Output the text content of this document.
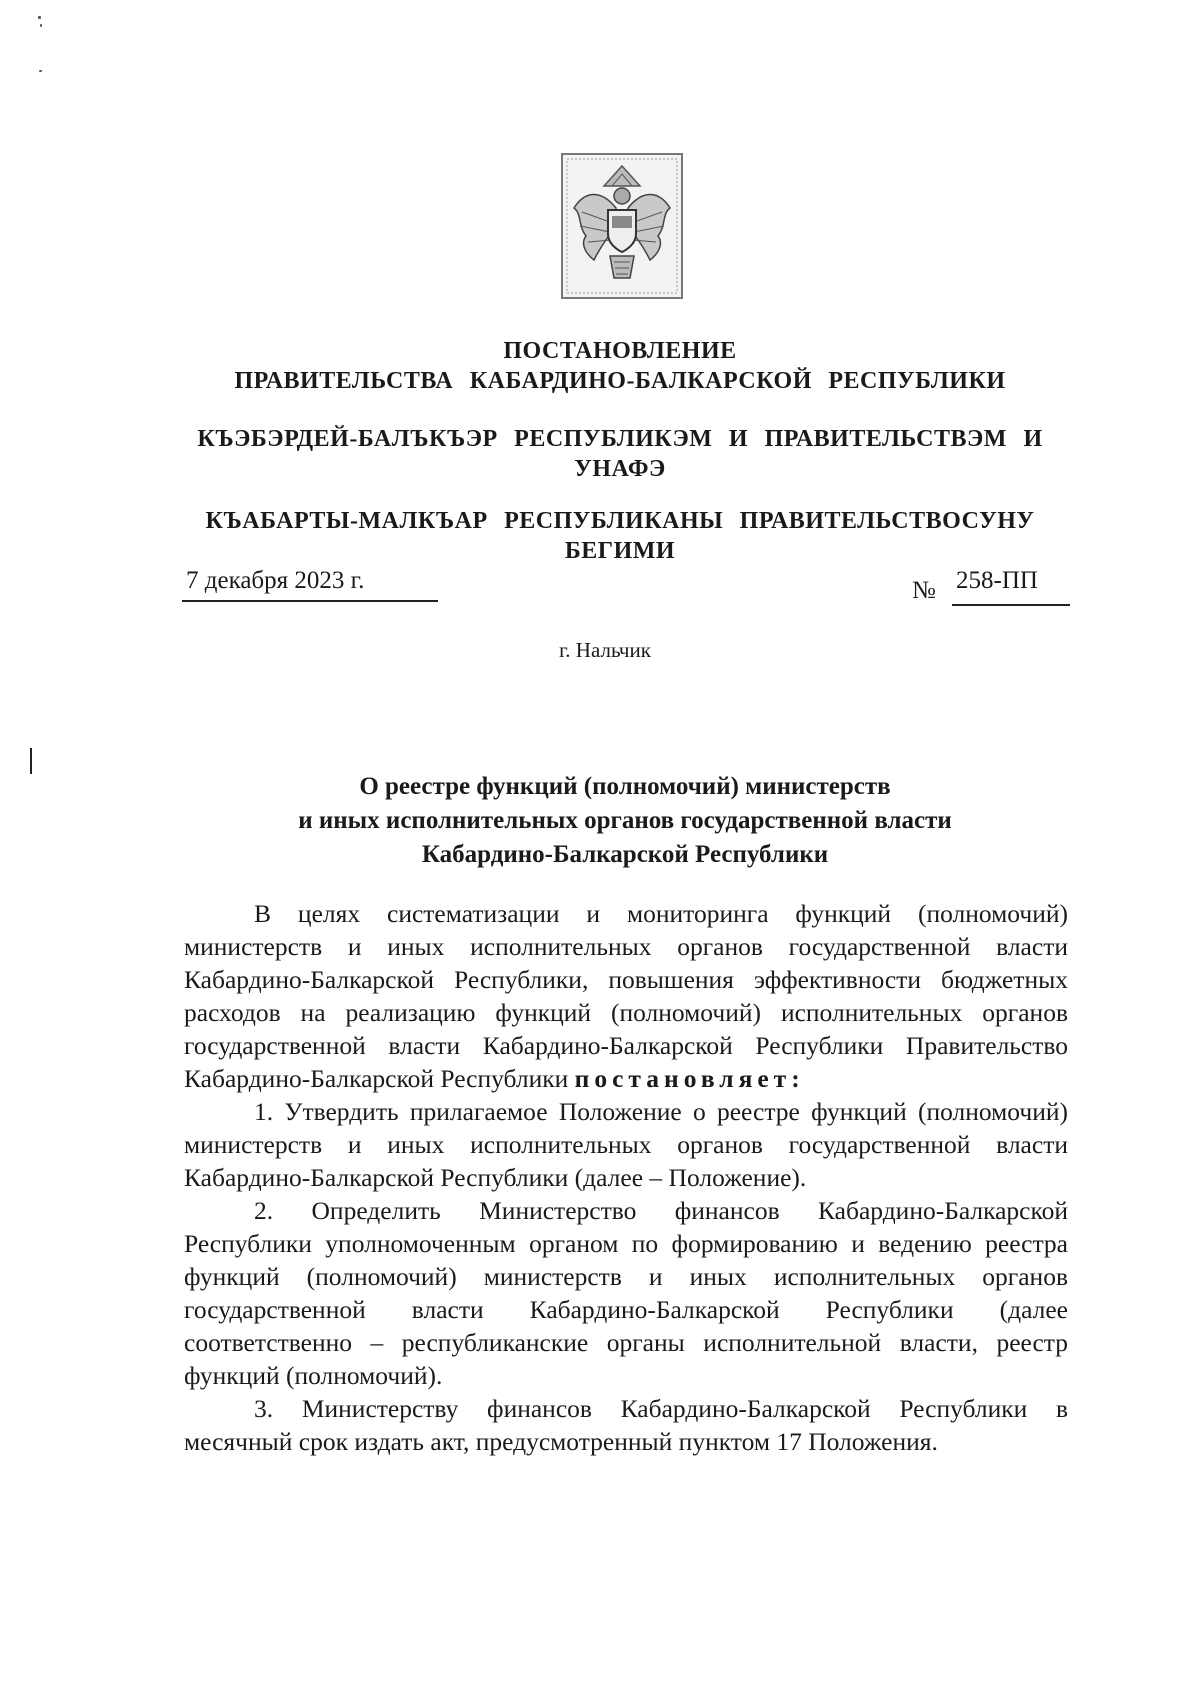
ПОСТАНОВЛЕНИЕ
ПРАВИТЕЛЬСТВА КАБАРДИНО-БАЛКАРСКОЙ РЕСПУБЛИКИ
КЪЭБЭРДЕЙ-БАЛЪКЪЭР РЕСПУБЛИКЭМ И ПРАВИТЕЛЬСТВЭМ И
УНАФЭ
КЪАБАРТЫ-МАЛКЪАР РЕСПУБЛИКАНЫ ПРАВИТЕЛЬСТВОСУНУ
БЕГИМИ
7 декабря 2023 г.	№ 258-ПП
г. Нальчик
О реестре функций (полномочий) министерств
и иных исполнительных органов государственной власти
Кабардино-Балкарской Республики

В целях систематизации и мониторинга функций (полномочий) министерств и иных исполнительных органов государственной власти Кабардино-Балкарской Республики, повышения эффективности бюджетных расходов на реализацию функций (полномочий) исполнительных органов государственной власти Кабардино-Балкарской Республики Правительство Кабардино-Балкарской Республики постановляет:

1. Утвердить прилагаемое Положение о реестре функций (полномочий) министерств и иных исполнительных органов государственной власти Кабардино-Балкарской Республики (далее – Положение).

2. Определить Министерство финансов Кабардино-Балкарской Республики уполномоченным органом по формированию и ведению реестра функций (полномочий) министерств и иных исполнительных органов государственной власти Кабардино-Балкарской Республики (далее соответственно – республиканские органы исполнительной власти, реестр функций (полномочий).

3. Министерству финансов Кабардино-Балкарской Республики в месячный срок издать акт, предусмотренный пунктом 17 Положения.
